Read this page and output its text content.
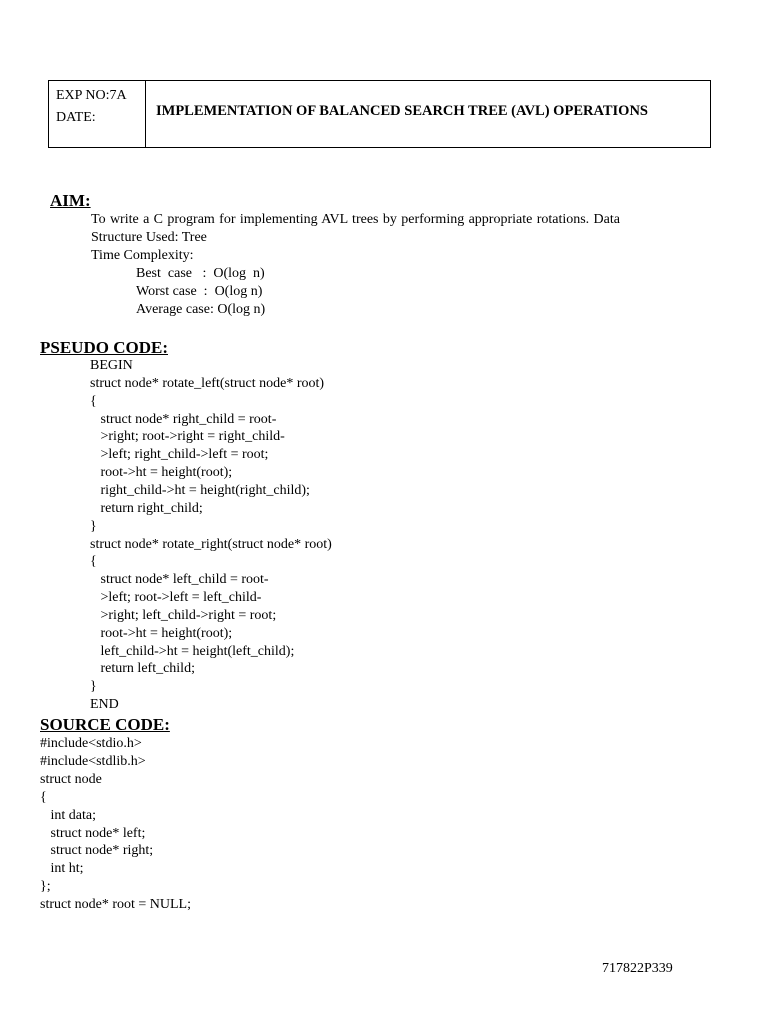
EXP NO:7A
DATE:	IMPLEMENTATION OF BALANCED SEARCH TREE (AVL) OPERATIONS
AIM:

To write a C program for implementing AVL trees by performing appropriate rotations. Data Structure Used: Tree

Time Complexity:
Best  case   :  O(log  n)
Worst case  :  O(log n)
Average case: O(log n)
PSEUDO CODE:
BEGIN
struct node* rotate_left(struct node* root)
{
struct node* right_child = root-
>right; root->right = right_child-
>left; right_child->left = root;
root->ht = height(root);
right_child->ht = height(right_child);
return right_child;
}
struct node* rotate_right(struct node* root)
{
struct node* left_child = root-
>left; root->left = left_child-
>right; left_child->right = root;
root->ht = height(root);
left_child->ht = height(left_child);
return left_child;
}
END
SOURCE CODE:
#include<stdio.h>
#include<stdlib.h>
struct node
{
int data;
struct node* left;
struct node* right;
int ht;
};
struct node* root = NULL;
717822P339
